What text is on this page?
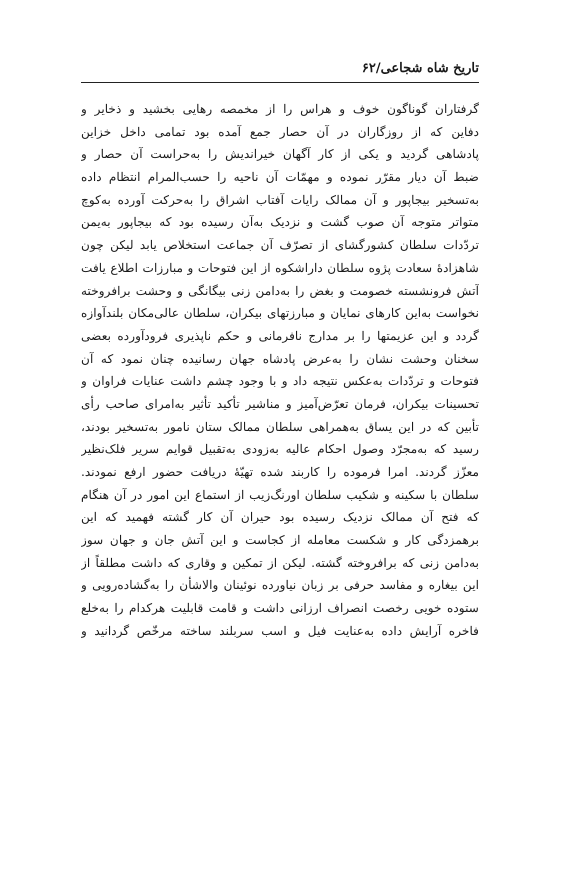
تاریخ شاه شجاعی/۶۲
گرفتاران گوناگون خوف و هراس را از مخمصه رهایی بخشید و ذخایر و
دفاین که از روزگاران در آن حصار جمع آمده بود تمامی داخل خزاین
پادشاهی گردید و یکی از کار آگهان خیراندیش را به‌حراست آن حصار و
ضبط آن دیار مقرّر نموده و مهمّات آن ناحیه را حسب‌المرام انتظام داده
به‌تسخیر بیجاپور و آن ممالک رایات آفتاب اشراق را به‌حرکت آورده به‌کوچ
متواتر متوجه آن صوب گشت و نزدیک به‌آن رسیده بود که بیجاپور به‌یمن
تردّدات سلطان کشورگشای از تصرّف آن جماعت استخلاص یابد لیکن چون
شاهزادهٔ سعادت پژوه سلطان داراشکوه از این فتوحات و مبارزات اطلاع یافت
آتش فرونشسته خصومت و بغض را به‌دامن زنی بیگانگی و وحشت برافروخته
نخواست به‌این کارهای نمایان و مبارزتهای بیکران، سلطان عالی‌مکان بلندآوازه
گردد و این عزیمتها را بر مدارج نافرمانی و حکم ناپذیری فرودآورده بعضی
سخنان وحشت نشان را به‌عرض پادشاه جهان رسانیده چنان نمود که آن
فتوحات و تردّدات به‌عکس نتیجه داد و با وجود چشم داشت عنایات فراوان و
تحسینات بیکران، فرمان تعرّض‌آمیز و مناشیر تأکید تأثیر به‌امرای صاحب رأی
تأبین که در این یساق به‌همراهی سلطان ممالک ستان نامور به‌تسخیر بودند،
رسید که به‌مجرّد وصول احکام عالیه به‌زودی به‌تقبیل قوایم سریر فلک‌نظیر
معزّز گردند. امرا فرموده را کاربند شده تهیّهٔ دریافت حضور ارفع نمودند.
سلطان با سکینه و شکیب سلطان اورنگ‌زیب از استماع این امور در آن هنگام
که فتح آن ممالک نزدیک رسیده بود حیران آن کار گشته فهمید که این
برهمزدگی کار و شکست معامله از کجاست و این آتش جان و جهان سوز
به‌دامن زنی که برافروخته گشته. لیکن از تمکین و وقاری که داشت مطلقاً از
این بیغاره و مفاسد حرفی بر زبان نیاورده نوئینان والاشأن را به‌گشاده‌رویی و
ستوده خویی رخصت انصراف ارزانی داشت و قامت قابلیت هرکدام را به‌خلع
فاخره آرایش داده به‌عنایت فیل و اسب سربلند ساخته مرخّص گردانید و
